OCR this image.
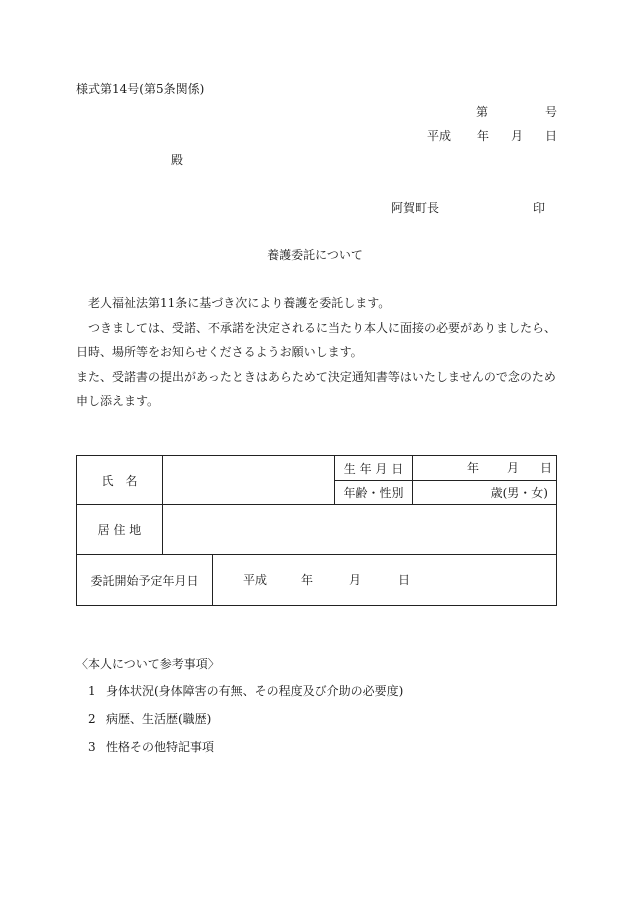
様式第14号(第5条関係)
第	号
平成 年 月 日
殿
阿賀町長	印
養護委託について

　老人福祉法第11条に基づき次により養護を委託します。

　つきましては、受諾、不承諾を決定されるに当たり本人に面接の必要がありましたら、

日時、場所等をお知らせくださるようお願いします。

また、受諾書の提出があったときはあらためて決定通知書等はいたしませんので念のため

申し添えます。

氏　名			生 年 月 日	年 月 日

			年齢・性別	歳(男・女)
居 住 地				
委託開始予定年月日		平成 年 月 日		
〈本人について参考事項〉
1 身体状況(身体障害の有無、その程度及び介助の必要度)
2 病歴、生活歴(職歴)
3 性格その他特記事項
